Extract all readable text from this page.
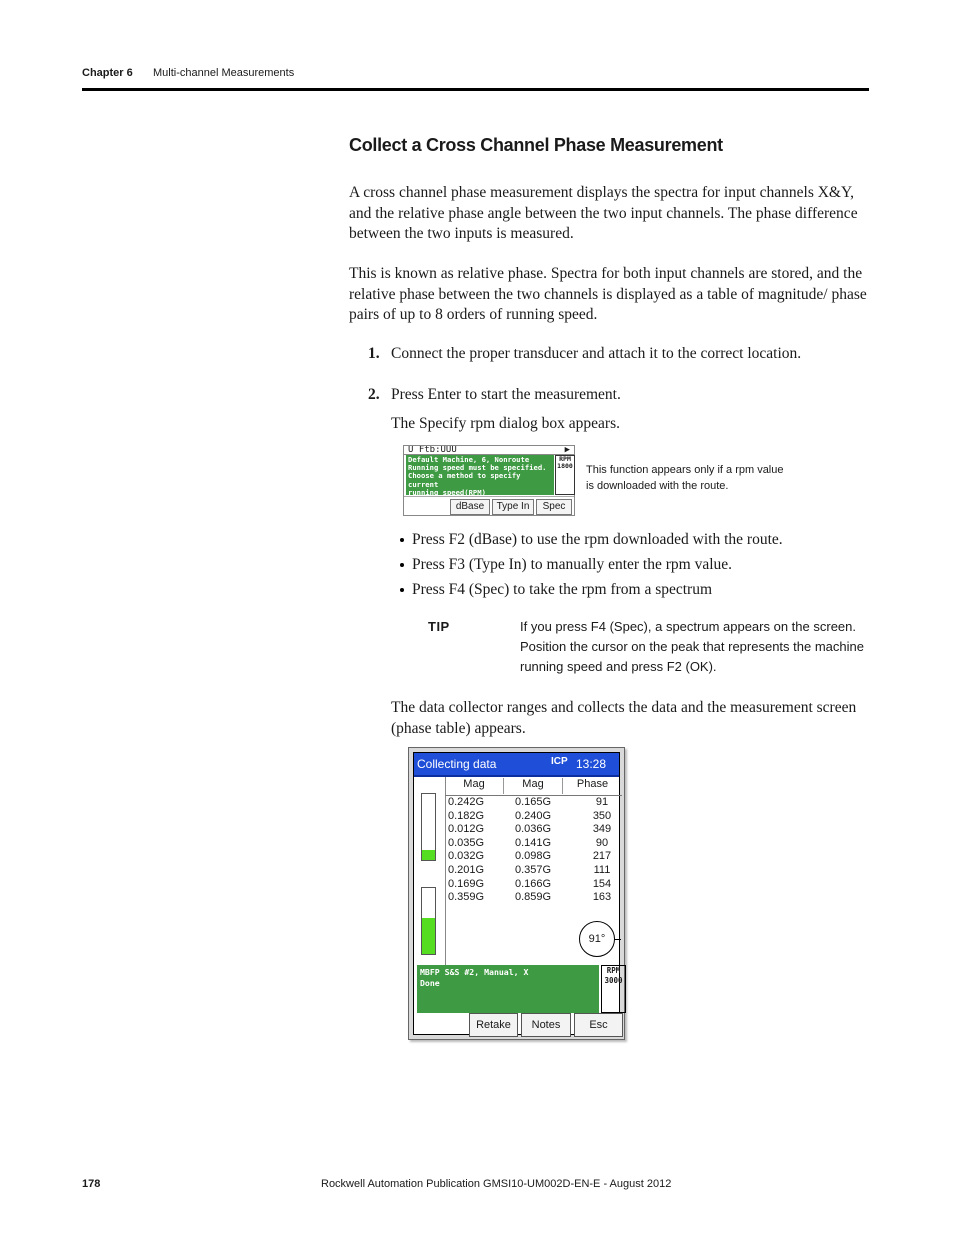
Chapter 6 Multi-channel Measurements
Collect a Cross Channel Phase Measurement
A cross channel phase measurement displays the spectra for input channels X&Y, and the relative phase angle between the two input channels. The phase difference between the two inputs is measured.
This is known as relative phase. Spectra for both input channels are stored, and the relative phase between the two channels is displayed as a table of magnitude/ phase pairs of up to 8 orders of running speed.
1. Connect the proper transducer and attach it to the correct location.
2. Press Enter to start the measurement.
The Specify rpm dialog box appears.
U Ftb:UUU	▶
Default Machine, 6, Nonroute
Running speed must be specified.
Choose a method to specify current
running speed(RPM)
RPM
1800
dBase	Type In	Spec
This function appears only if a rpm value is downloaded with the route.
Press F2 (dBase) to use the rpm downloaded with the route.
Press F3 (Type In) to manually enter the rpm value.
Press F4 (Spec) to take the rpm from a spectrum
TIP	If you press F4 (Spec), a spectrum appears on the screen. Position the cursor on the peak that represents the machine running speed and press F2 (OK).
The data collector ranges and collects the data and the measurement screen (phase table) appears.
Collecting data	ICP 13:28
Mag	Mag	Phase
0.242G	0.165G	91
0.182G	0.240G	350
0.012G	0.036G	349
0.035G	0.141G	90
0.032G	0.098G	217
0.201G	0.357G	111
0.169G	0.166G	154
0.359G	0.859G	163
91°
MBFP S&S #2, Manual, X
Done
RPM
3000
Retake	Notes	Esc
178	Rockwell Automation Publication GMSI10-UM002D-EN-E - August 2012
